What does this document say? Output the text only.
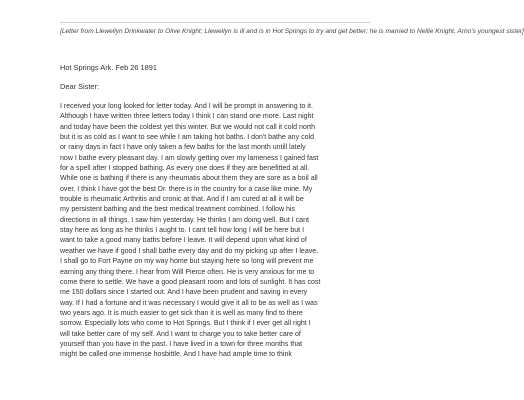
[Letter from Llewellyn Drinkwater to Olive Knight; Llewellyn is ill and is in Hot Springs to try and get better; he is married to Nellie Knight, Arno's youngest sister]
Hot Springs Ark. Feb 26 1891
Dear Sister:
I received your long looked for letter today. And I will be prompt in answering to it.
Although I have written three letters today I think I can stand one more. Last night
and today have been the coldest yet this winter. But we would not call it cold north
but it is as cold as I want to see while I am taking hot baths. I don't bathe any cold
or rainy days in fact I have only taken a few baths for the last month untill lately
now I bathe every pleasant day. I am slowly getting over my lameness I gained fast
for a spell after I stopped bathing. As every one does if they are benefitted at all.
While one is bathing if there is any rheumatis about them they are sore as a boil all
over. I think I have got the best Dr. there is in the country for a case like mine. My
trouble is rheumatic Arthritis and cronic at that. And if I am cured at all it will be
my persistent bathing and the best medical treatment combined. I follow his
directions in all things. I saw him yesterday. He thinks I am doing well. But I cant
stay here as long as he thinks I aught to. I cant tell how long I will be here but I
want to take a good many baths before I leave. It will depend upon what kind of
weather we have if good I shall bathe every day and do my picking up after I leave.
I shall go to Fort Payne on my way home but staying here so long will prevent me
earning any thing there. I hear from Will Pierce often. He is very anxious for me to
come there to settle. We have a good pleasant room and lots of sunlight. It has cost
me 150 dollars since I started out. And I have been prudent and saving in every
way. If I had a fortune and it was necessary I would give it all to be as well as I was
two years ago. It is much easier to get sick than it is well as many find to there
sorrow. Especially lots who come to Hot Springs. But I think if I ever get all right I
will take better care of my self. And I want to charge you to take better care of
yourself than you have in the past. I have lived in a town for three months that
might be called one immense hosbittle. And I have had ample time to think
